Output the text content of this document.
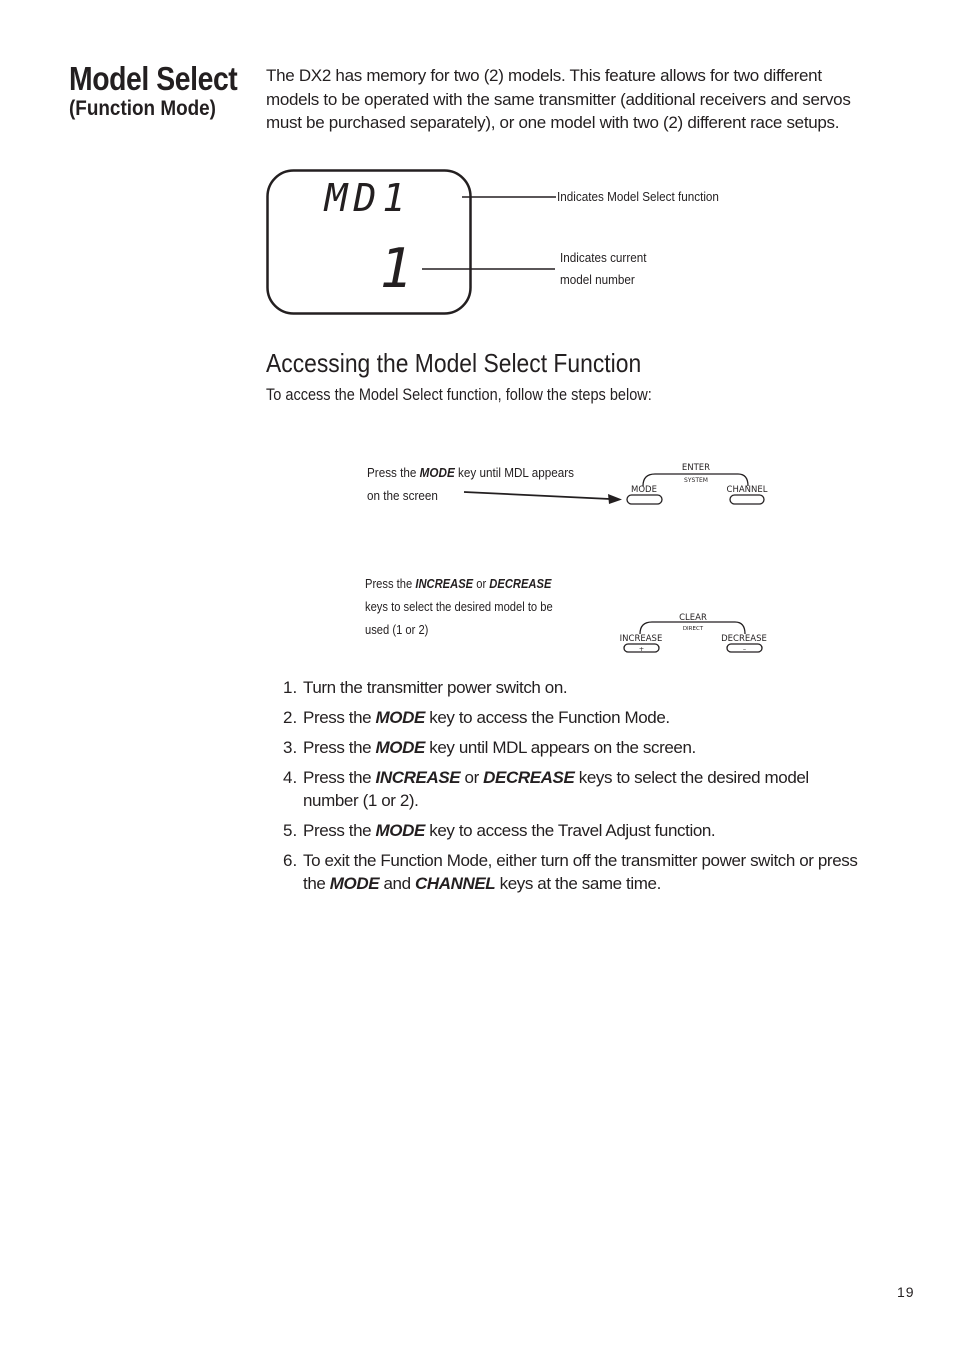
Model Select
(Function Mode)
The DX2 has memory for two (2) models. This feature allows for two different models to be operated with the same transmitter (additional receivers and servos must be purchased separately), or one model with two (2) different race setups.
MD1
1
Indicates Model Select function
Indicates current
model number
Accessing the Model Select Function
To access the Model Select function, follow the steps below:
Press the MODE key until MDL appears
on the screen
ENTER
SYSTEM
MODE	CHANNEL
Press the INCREASE or DECREASE
keys to select the desired model to be
used (1 or 2)
CLEAR
DIRECT
INCREASE	DECREASE
+	–
1. Turn the transmitter power switch on.
2. Press the MODE key to access the Function Mode.
3. Press the MODE key until MDL appears on the screen.
4. Press the INCREASE or DECREASE keys to select the desired model number (1 or 2).
5. Press the MODE key to access the Travel Adjust function.
6. To exit the Function Mode, either turn off the transmitter power switch or press the MODE and CHANNEL keys at the same time.
19
